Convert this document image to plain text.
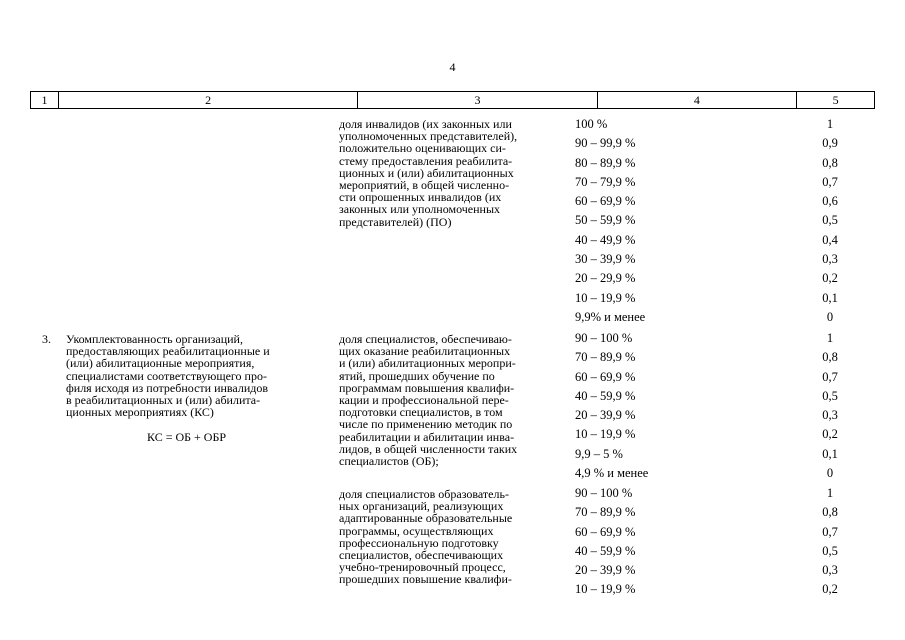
4
1	2	3	4	5
доля инвалидов (их законных или
уполномоченных представителей),
положительно оценивающих си-
стему предоставления реабилита-
ционных и (или) абилитационных
мероприятий, в общей численно-
сти опрошенных инвалидов (их
законных или уполномоченных
представителей) (ПО)
100 %	1
90 – 99,9 %	0,9
80 – 89,9 %	0,8
70 – 79,9 %	0,7
60 – 69,9 %	0,6
50 – 59,9 %	0,5
40 – 49,9 %	0,4
30 – 39,9 %	0,3
20 – 29,9 %	0,2
10 – 19,9 %	0,1
9,9% и менее	0
3. Укомплектованность организаций,
предоставляющих реабилитационные и
(или) абилитационные мероприятия,
специалистами соответствующего про-
филя исходя из потребности инвалидов
в реабилитационных и (или) абилита-
ционных мероприятиях (КС)
КС = ОБ + ОБР
доля специалистов, обеспечиваю-
щих оказание реабилитационных
и (или) абилитационных меропри-
ятий, прошедших обучение по
программам повышения квалифи-
кации и профессиональной пере-
подготовки специалистов, в том
числе по применению методик по
реабилитации и абилитации инва-
лидов, в общей численности таких
специалистов (ОБ);
90 – 100 %	1
70 – 89,9 %	0,8
60 – 69,9 %	0,7
40 – 59,9 %	0,5
20 – 39,9 %	0,3
10 – 19,9 %	0,2
9,9 – 5 %	0,1
4,9 % и менее	0
доля специалистов образователь-
ных организаций, реализующих
адаптированные образовательные
программы, осуществляющих
профессиональную подготовку
специалистов, обеспечивающих
учебно-тренировочный процесс,
прошедших повышение квалифи-
90 – 100 %	1
70 – 89,9 %	0,8
60 – 69,9 %	0,7
40 – 59,9 %	0,5
20 – 39,9 %	0,3
10 – 19,9 %	0,2
